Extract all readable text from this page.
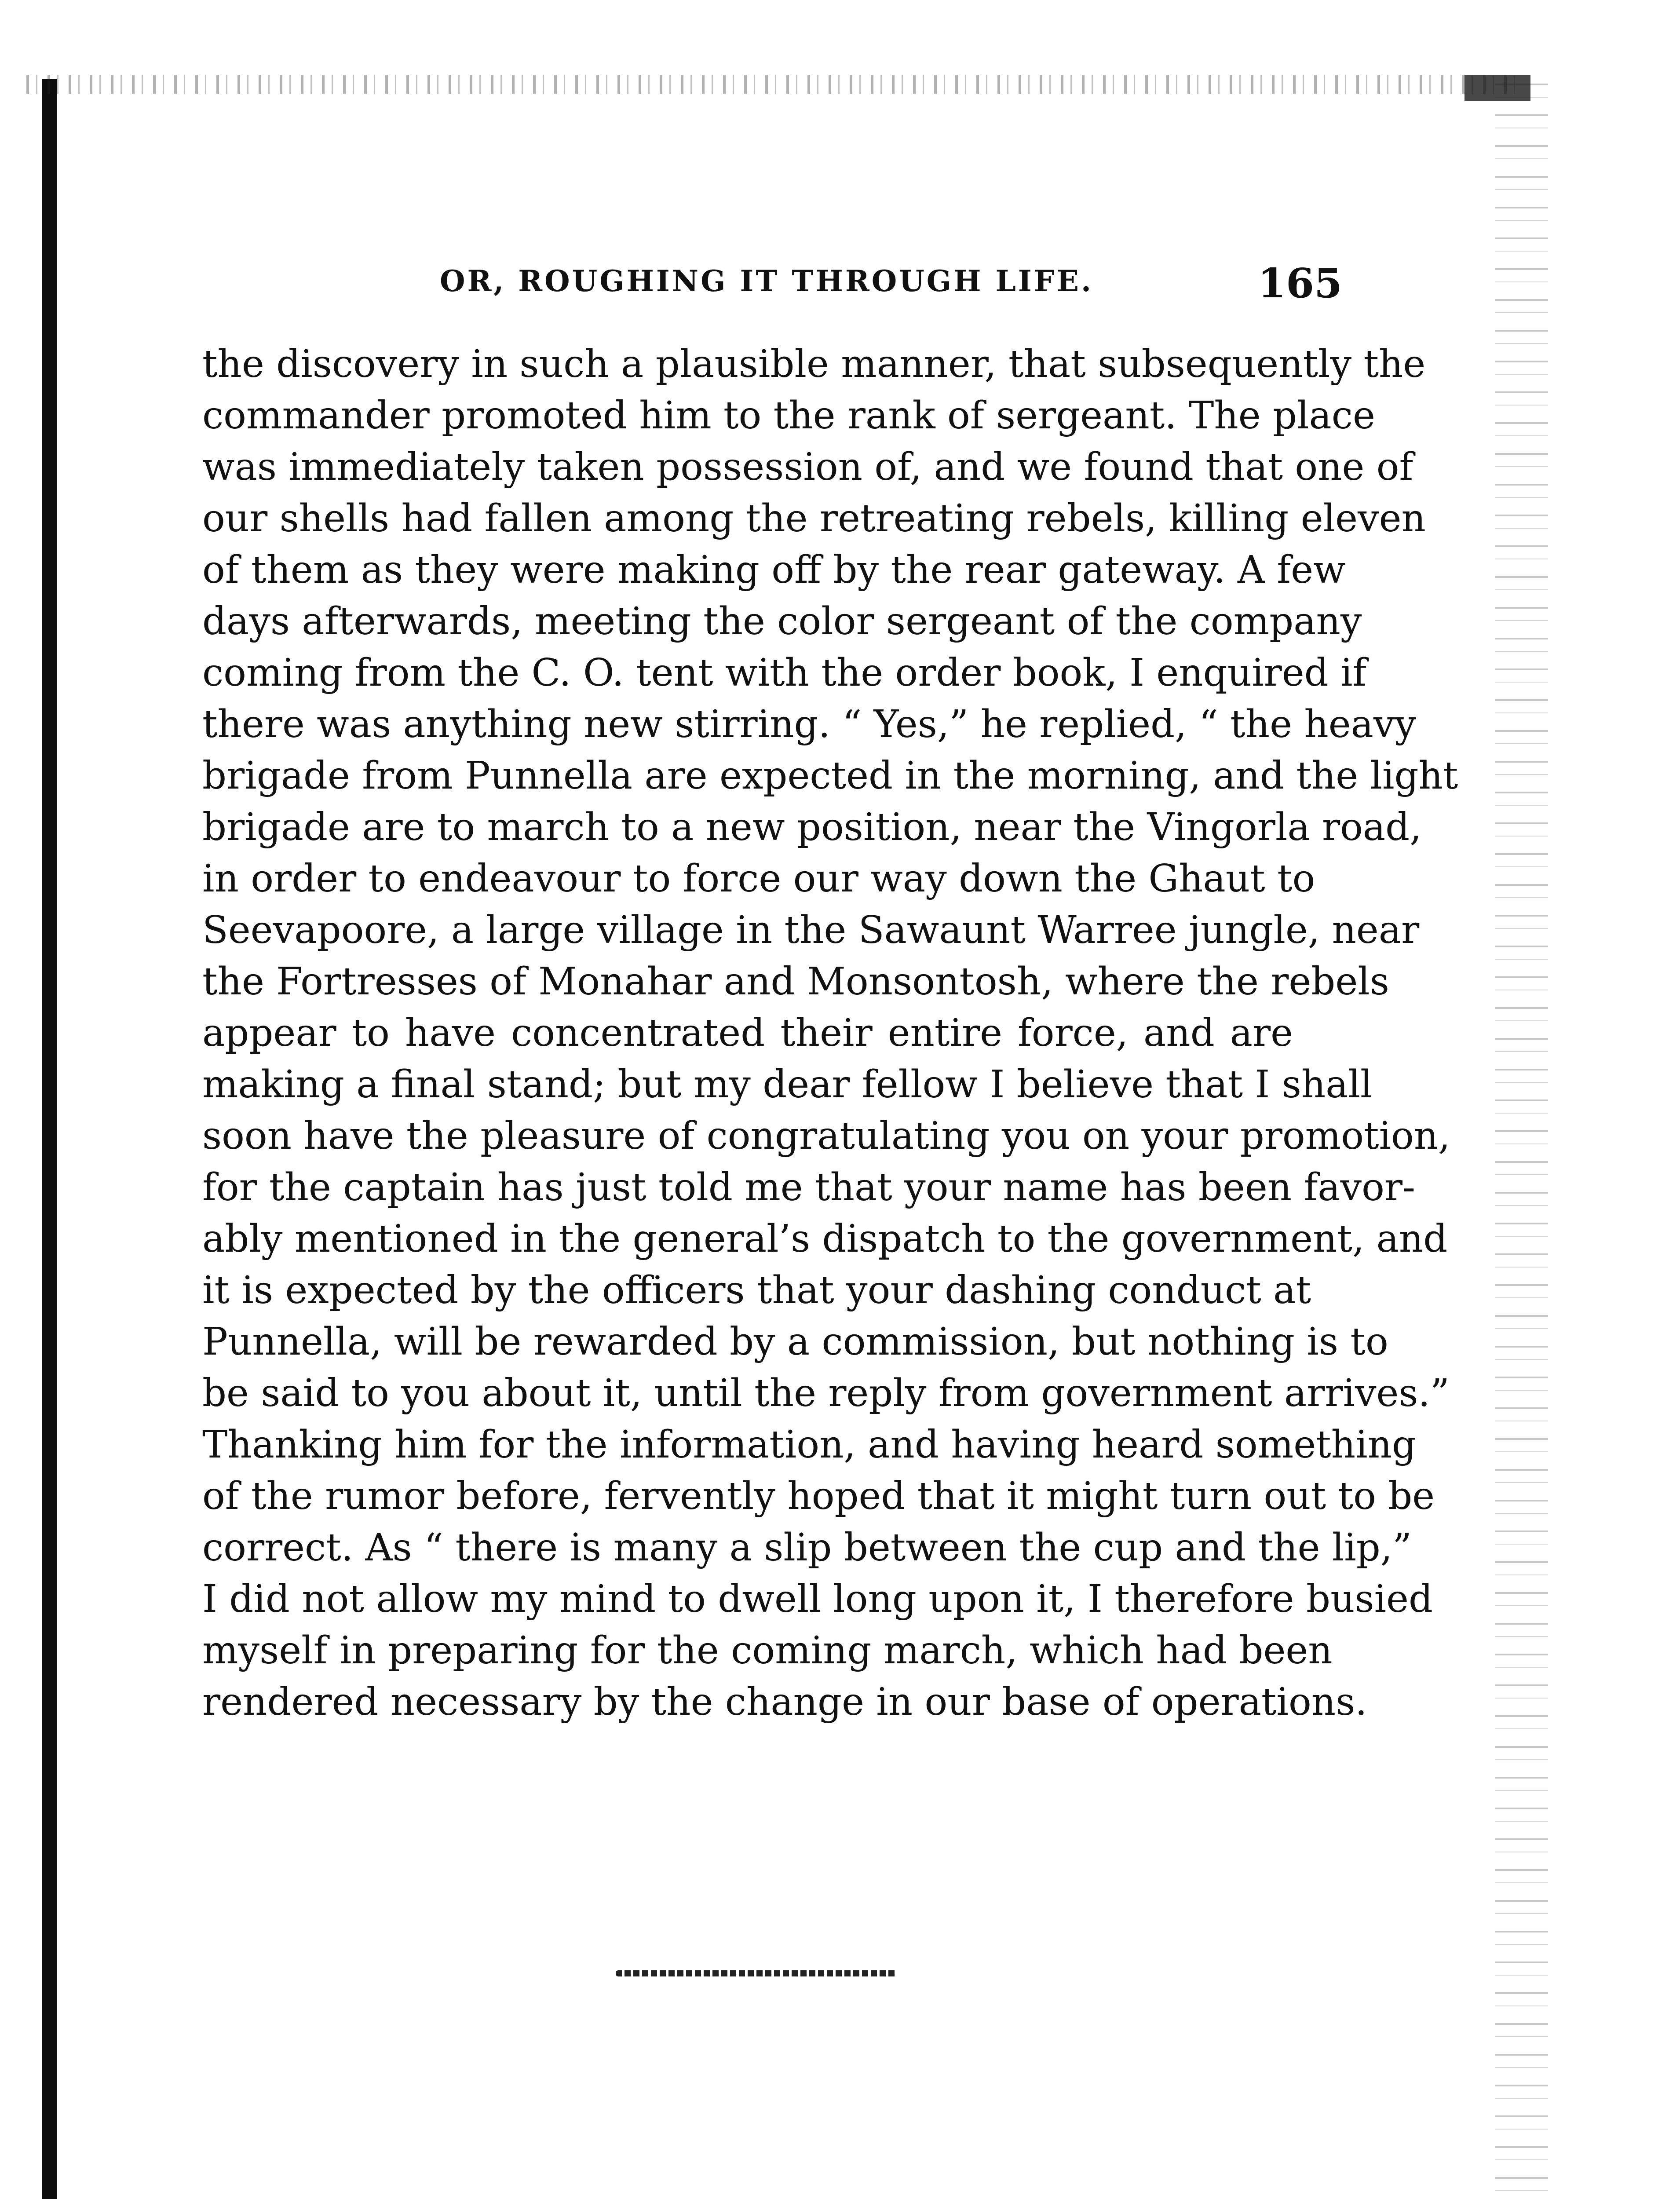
OR, ROUGHING IT THROUGH LIFE.	165
the discovery in such a plausible manner, that subsequently the
commander promoted him to the rank of sergeant. The place
was immediately taken possession of, and we found that one of
our shells had fallen among the retreating rebels, killing eleven
of them as they were making off by the rear gateway. A few
days afterwards, meeting the color sergeant of the company
coming from the C. O. tent with the order book, I enquired if
there was anything new stirring. “ Yes,” he replied, “ the heavy
brigade from Punnella are expected in the morning, and the light
brigade are to march to a new position, near the Vingorla road,
in order to endeavour to force our way down the Ghaut to
Seevapoore, a large village in the Sawaunt Warree jungle, near
the Fortresses of Monahar and Monsontosh, where the rebels
appear to have concentrated their entire force, and are
making a final stand; but my dear fellow I believe that I shall
soon have the pleasure of congratulating you on your promotion,
for the captain has just told me that your name has been favor-
ably mentioned in the general’s dispatch to the government, and
it is expected by the officers that your dashing conduct at
Punnella, will be rewarded by a commission, but nothing is to
be said to you about it, until the reply from government arrives.”
Thanking him for the information, and having heard something
of the rumor before, fervently hoped that it might turn out to be
correct. As “ there is many a slip between the cup and the lip,”
I did not allow my mind to dwell long upon it, I therefore busied
myself in preparing for the coming march, which had been
rendered necessary by the change in our base of operations.
